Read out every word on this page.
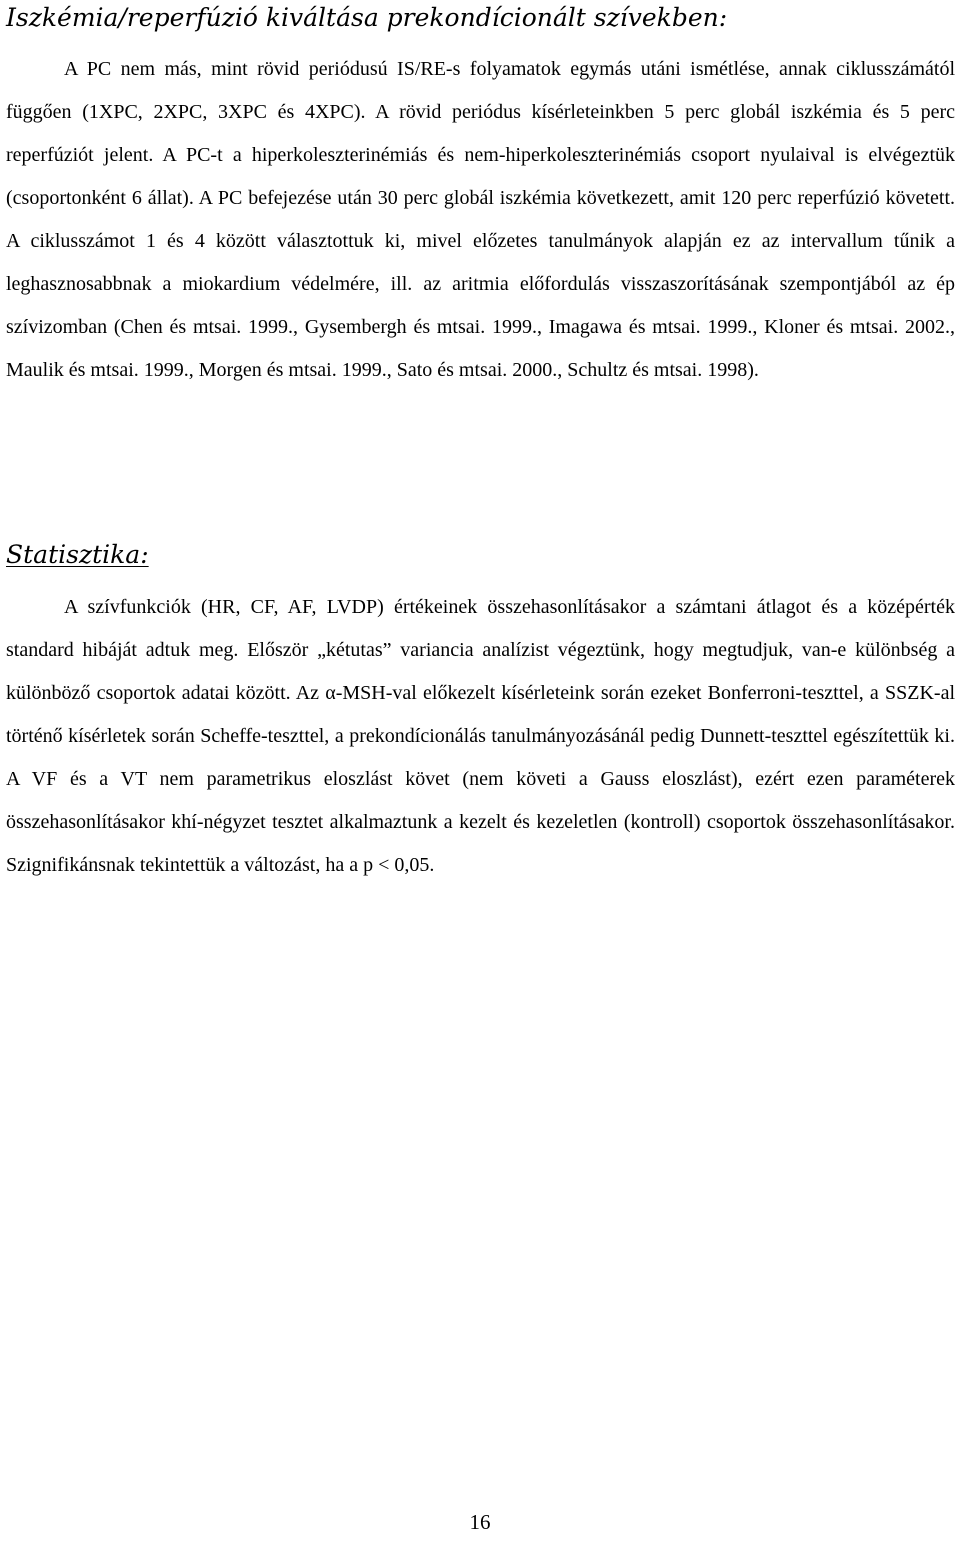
Iszkémia/reperfúzió kiváltása prekondícionált szívekben:

A PC nem más, mint rövid periódusú IS/RE-s folyamatok egymás utáni ismétlése, annak ciklusszámától függően (1XPC, 2XPC, 3XPC és 4XPC). A rövid periódus kísérleteinkben 5 perc globál iszkémia és 5 perc reperfúziót jelent. A PC-t a hiperkoleszterinémiás és nem-hiperkoleszterinémiás csoport nyulaival is elvégeztük (csoportonként 6 állat). A PC befejezése után 30 perc globál iszkémia következett, amit 120 perc reperfúzió követett. A ciklusszámot 1 és 4 között választottuk ki, mivel előzetes tanulmányok alapján ez az intervallum tűnik a leghasznosabbnak a miokardium védelmére, ill. az aritmia előfordulás visszaszorításának szempontjából az ép szívizomban (Chen és mtsai. 1999., Gysembergh és mtsai. 1999., Imagawa és mtsai. 1999., Kloner és mtsai. 2002., Maulik és mtsai. 1999., Morgen és mtsai. 1999., Sato és mtsai. 2000., Schultz és mtsai. 1998).

Statisztika:

A szívfunkciók (HR, CF, AF, LVDP) értékeinek összehasonlításakor a számtani átlagot és a középérték standard hibáját adtuk meg. Először „kétutas” variancia analízist végeztünk, hogy megtudjuk, van-e különbség a különböző csoportok adatai között. Az α-MSH-val előkezelt kísérleteink során ezeket Bonferroni-teszttel, a SSZK-al történő kísérletek során Scheffe-teszttel, a prekondícionálás tanulmányozásánál pedig Dunnett-teszttel egészítettük ki. A VF és a VT nem parametrikus eloszlást követ (nem követi a Gauss eloszlást), ezért ezen paraméterek összehasonlításakor khí-négyzet tesztet alkalmaztunk a kezelt és kezeletlen (kontroll) csoportok összehasonlításakor. Szignifikánsnak tekintettük a változást, ha a p < 0,05.

16
